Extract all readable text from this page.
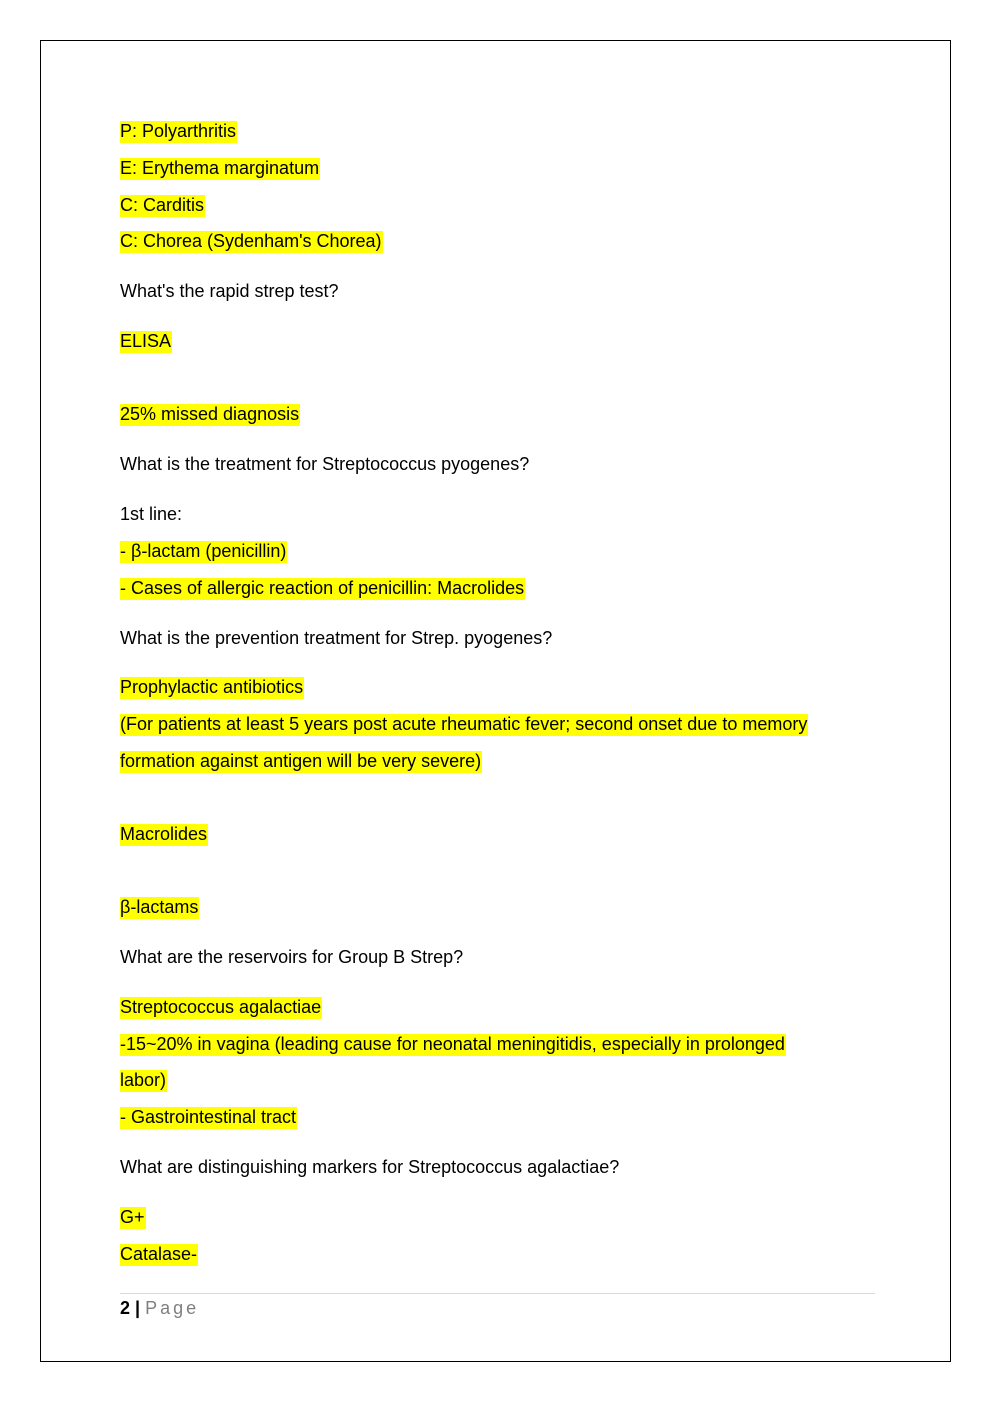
P: Polyarthritis
E: Erythema marginatum
C: Carditis
C: Chorea (Sydenham's Chorea)
What's the rapid strep test?
ELISA
25% missed diagnosis
What is the treatment for Streptococcus pyogenes?
1st line:
- β-lactam (penicillin)
- Cases of allergic reaction of penicillin: Macrolides
What is the prevention treatment for Strep. pyogenes?
Prophylactic antibiotics
(For patients at least 5 years post acute rheumatic fever; second onset due to memory
formation against antigen will be very severe)
Macrolides
β-lactams
What are the reservoirs for Group B Strep?
Streptococcus agalactiae
-15~20% in vagina (leading cause for neonatal meningitidis, especially in prolonged
labor)
- Gastrointestinal tract
What are distinguishing markers for Streptococcus agalactiae?
G+
Catalase-
2 | Page
